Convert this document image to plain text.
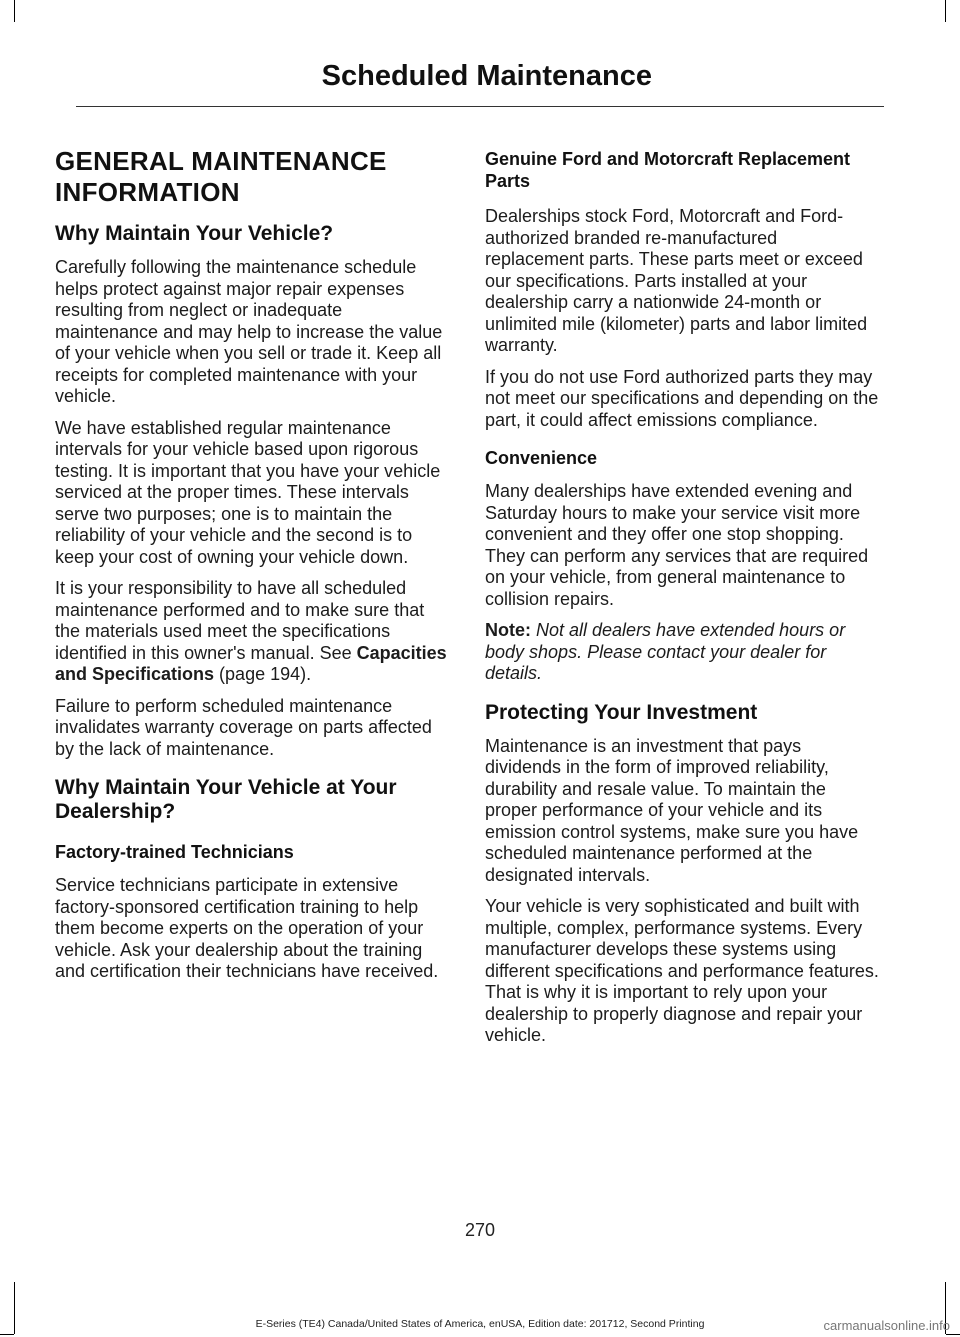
Scheduled Maintenance
GENERAL MAINTENANCE INFORMATION
Why Maintain Your Vehicle?

Carefully following the maintenance schedule helps protect against major repair expenses resulting from neglect or inadequate maintenance and may help to increase the value of your vehicle when you sell or trade it. Keep all receipts for completed maintenance with your vehicle.

We have established regular maintenance intervals for your vehicle based upon rigorous testing. It is important that you have your vehicle serviced at the proper times. These intervals serve two purposes; one is to maintain the reliability of your vehicle and the second is to keep your cost of owning your vehicle down.

It is your responsibility to have all scheduled maintenance performed and to make sure that the materials used meet the specifications identified in this owner's manual. See Capacities and Specifications (page 194).

Failure to perform scheduled maintenance invalidates warranty coverage on parts affected by the lack of maintenance.

Why Maintain Your Vehicle at Your Dealership?
Factory-trained Technicians

Service technicians participate in extensive factory-sponsored certification training to help them become experts on the operation of your vehicle. Ask your dealership about the training and certification their technicians have received.

Genuine Ford and Motorcraft Replacement Parts

Dealerships stock Ford, Motorcraft and Ford-authorized branded re-manufactured replacement parts. These parts meet or exceed our specifications. Parts installed at your dealership carry a nationwide 24-month or unlimited mile (kilometer) parts and labor limited warranty.

If you do not use Ford authorized parts they may not meet our specifications and depending on the part, it could affect emissions compliance.

Convenience

Many dealerships have extended evening and Saturday hours to make your service visit more convenient and they offer one stop shopping. They can perform any services that are required on your vehicle, from general maintenance to collision repairs.

Note: Not all dealers have extended hours or body shops. Please contact your dealer for details.

Protecting Your Investment

Maintenance is an investment that pays dividends in the form of improved reliability, durability and resale value. To maintain the proper performance of your vehicle and its emission control systems, make sure you have scheduled maintenance performed at the designated intervals.

Your vehicle is very sophisticated and built with multiple, complex, performance systems. Every manufacturer develops these systems using different specifications and performance features. That is why it is important to rely upon your dealership to properly diagnose and repair your vehicle.

270

E-Series (TE4) Canada/United States of America, enUSA, Edition date: 201712, Second Printing	carmanualsonline.info
